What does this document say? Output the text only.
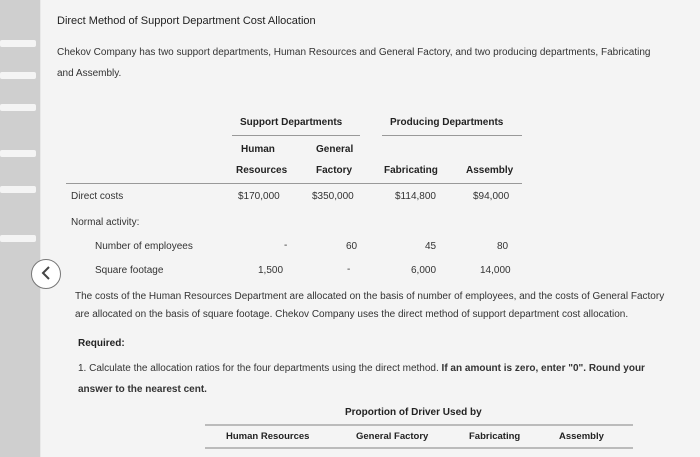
Direct Method of Support Department Cost Allocation
Chekov Company has two support departments, Human Resources and General Factory, and two producing departments, Fabricating
and Assembly.
Support Departments	Producing Departments
Human
Resources
General
Factory	Fabricating	Assembly
Direct costs	$170,000	$350,000	$114,800	$94,000
Normal activity:
Number of employees	-	60	45	80
Square footage	1,500	-	6,000	14,000
The costs of the Human Resources Department are allocated on the basis of number of employees, and the costs of General Factory
are allocated on the basis of square footage. Chekov Company uses the direct method of support department cost allocation.
Required:
1. Calculate the allocation ratios for the four departments using the direct method. If an amount is zero, enter "0". Round your
answer to the nearest cent.
Proportion of Driver Used by
Human Resources	General Factory	Fabricating	Assembly
